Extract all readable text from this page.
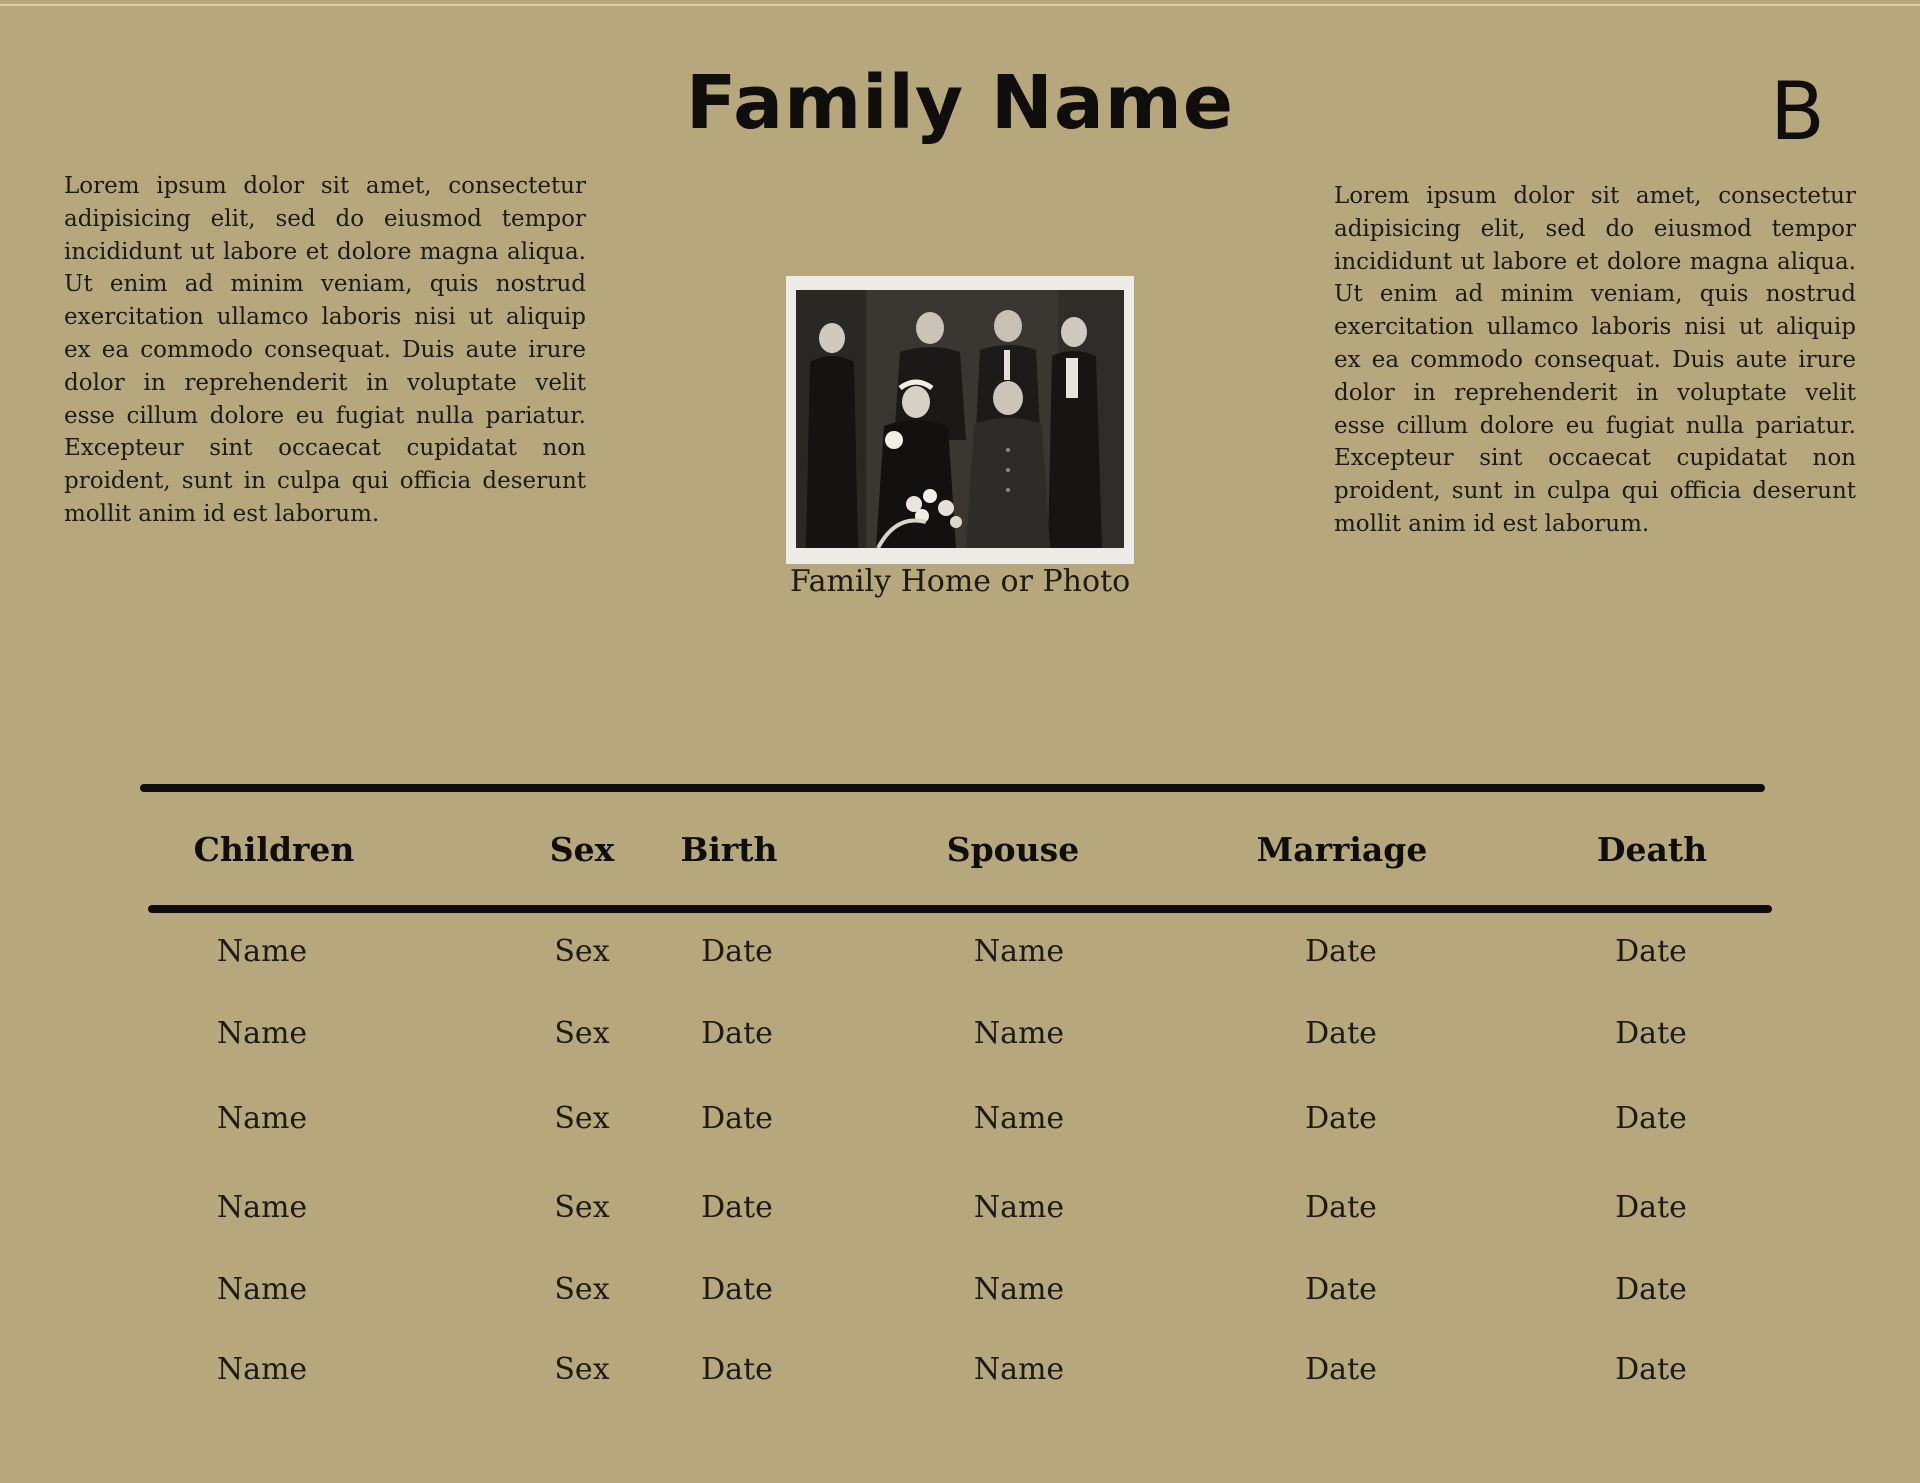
Family Name	B

Lorem ipsum dolor sit amet, consectetur adipisicing elit, sed do eiusmod tempor incididunt ut labore et dolore magna aliqua. Ut enim ad minim veniam, quis nostrud exercitation ullamco laboris nisi ut aliquip ex ea commodo consequat. Duis aute irure dolor in reprehenderit in voluptate velit esse cillum dolore eu fugiat nulla pariatur. Excepteur sint occaecat cupidatat non proident, sunt in culpa qui officia deserunt mollit anim id est laborum.

Lorem ipsum dolor sit amet, consectetur adipisicing elit, sed do eiusmod tempor incididunt ut labore et dolore magna aliqua. Ut enim ad minim veniam, quis nostrud exercitation ullamco laboris nisi ut aliquip ex ea commodo consequat. Duis aute irure dolor in reprehenderit in voluptate velit esse cillum dolore eu fugiat nulla pariatur. Excepteur sint occaecat cupidatat non proident, sunt in culpa qui officia deserunt mollit anim id est laborum.

Family Home or Photo
Children	Sex Birth	Spouse	Marriage	Death
Name	Sex	Date	Name	Date	Date
Name	Sex	Date	Name	Date	Date
Name	Sex	Date	Name	Date	Date
Name	Sex	Date	Name	Date	Date
Name	Sex	Date	Name	Date	Date
Name	Sex	Date	Name	Date	Date
